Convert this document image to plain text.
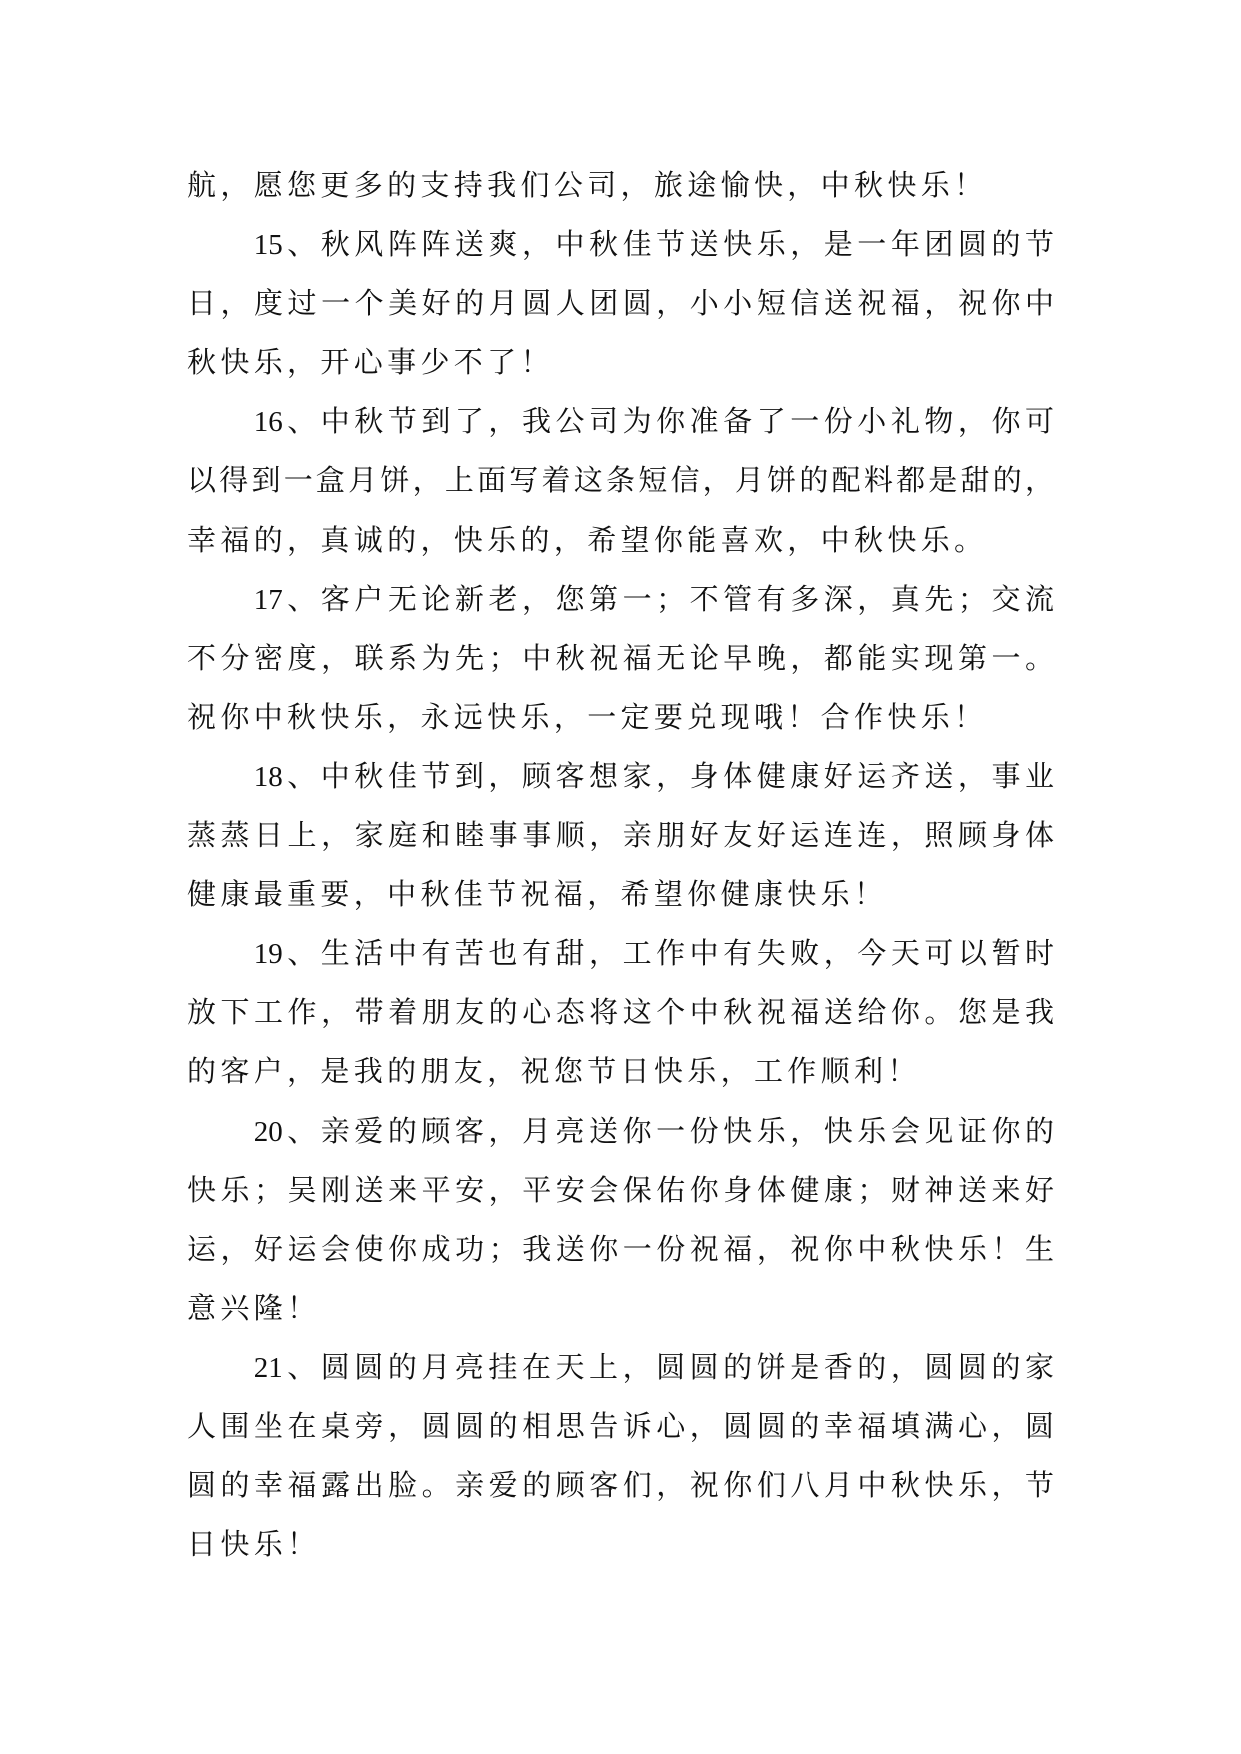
航，愿您更多的支持我们公司，旅途愉快，中秋快乐！
15、秋风阵阵送爽，中秋佳节送快乐，是一年团圆的节
日，度过一个美好的月圆人团圆，小小短信送祝福，祝你中
秋快乐，开心事少不了！
16、中秋节到了，我公司为你准备了一份小礼物，你可
以得到一盒月饼，上面写着这条短信，月饼的配料都是甜的，
幸福的，真诚的，快乐的，希望你能喜欢，中秋快乐。
17、客户无论新老，您第一；不管有多深，真先；交流
不分密度，联系为先；中秋祝福无论早晚，都能实现第一。
祝你中秋快乐，永远快乐，一定要兑现哦！合作快乐！
18、中秋佳节到，顾客想家，身体健康好运齐送，事业
蒸蒸日上，家庭和睦事事顺，亲朋好友好运连连，照顾身体
健康最重要，中秋佳节祝福，希望你健康快乐！
19、生活中有苦也有甜，工作中有失败，今天可以暂时
放下工作，带着朋友的心态将这个中秋祝福送给你。您是我
的客户，是我的朋友，祝您节日快乐，工作顺利！
20、亲爱的顾客，月亮送你一份快乐，快乐会见证你的
快乐；吴刚送来平安，平安会保佑你身体健康；财神送来好
运，好运会使你成功；我送你一份祝福，祝你中秋快乐！生
意兴隆！
21、圆圆的月亮挂在天上，圆圆的饼是香的，圆圆的家
人围坐在桌旁，圆圆的相思告诉心，圆圆的幸福填满心，圆
圆的幸福露出脸。亲爱的顾客们，祝你们八月中秋快乐，节
日快乐！
